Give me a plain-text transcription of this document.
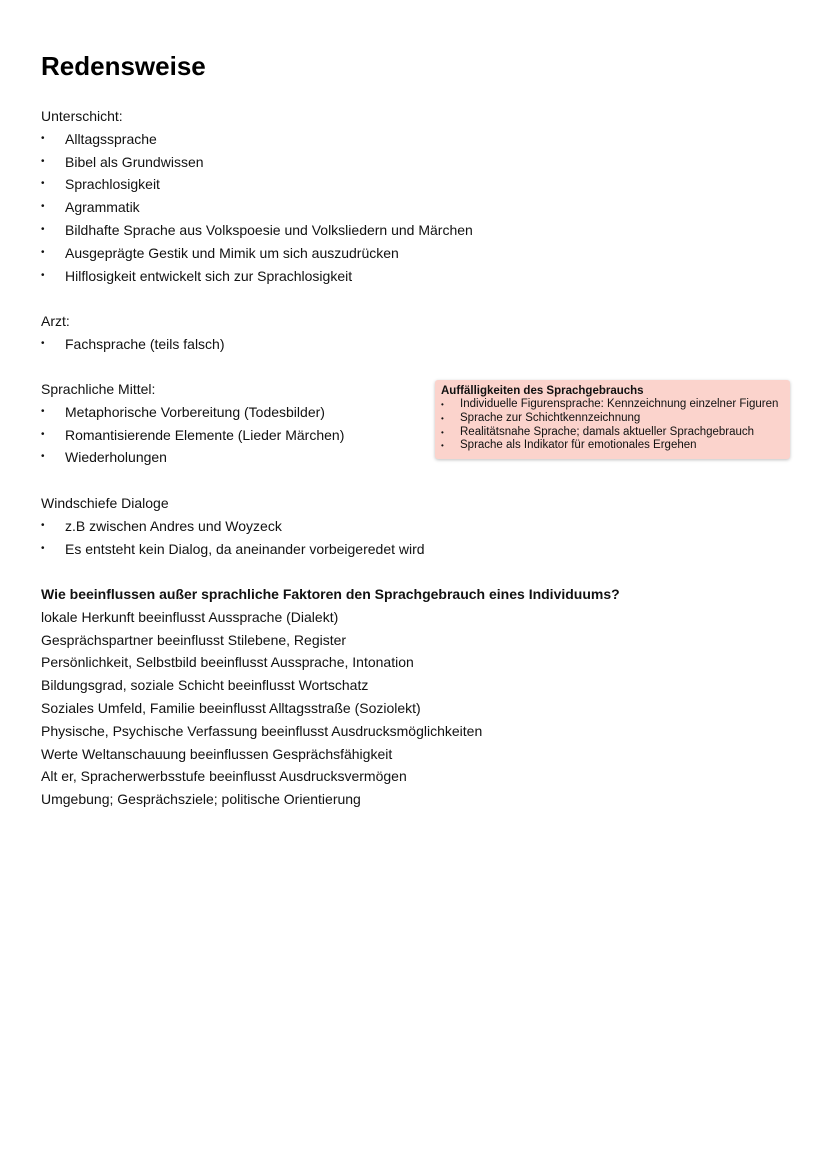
Redensweise
Unterschicht:
•	Alltagssprache
•	Bibel als Grundwissen
•	Sprachlosigkeit
•	Agrammatik
•	Bildhafte Sprache aus Volkspoesie und Volksliedern und Märchen
•	Ausgeprägte Gestik und Mimik um sich auszudrücken
•	Hilflosigkeit entwickelt sich zur Sprachlosigkeit
Arzt:
•	Fachsprache (teils falsch)
Sprachliche Mittel:
•	Metaphorische Vorbereitung (Todesbilder)
•	Romantisierende Elemente (Lieder Märchen)
•	Wiederholungen
Auffälligkeiten des Sprachgebrauchs
• Individuelle Figurensprache: Kennzeichnung einzelner Figuren
• Sprache zur Schichtkennzeichnung
• Realitätsnahe Sprache; damals aktueller Sprachgebrauch
• Sprache als Indikator für emotionales Ergehen
Windschiefe Dialoge
•	z.B zwischen Andres und Woyzeck
•	Es entsteht kein Dialog, da aneinander vorbeigeredet wird
Wie beeinflussen außer sprachliche Faktoren den Sprachgebrauch eines Individuums?
lokale Herkunft beeinflusst Aussprache (Dialekt)
Gesprächspartner beeinflusst Stilebene, Register
Persönlichkeit, Selbstbild beeinflusst Aussprache, Intonation
Bildungsgrad, soziale Schicht beeinflusst Wortschatz
Soziales Umfeld, Familie beeinflusst Alltagsstraße (Soziolekt)
Physische, Psychische Verfassung beeinflusst Ausdrucksmöglichkeiten
Werte Weltanschauung beeinflussen Gesprächsfähigkeit
Alt er, Spracherwerbsstufe beeinflusst Ausdrucksvermögen
Umgebung; Gesprächsziele; politische Orientierung
